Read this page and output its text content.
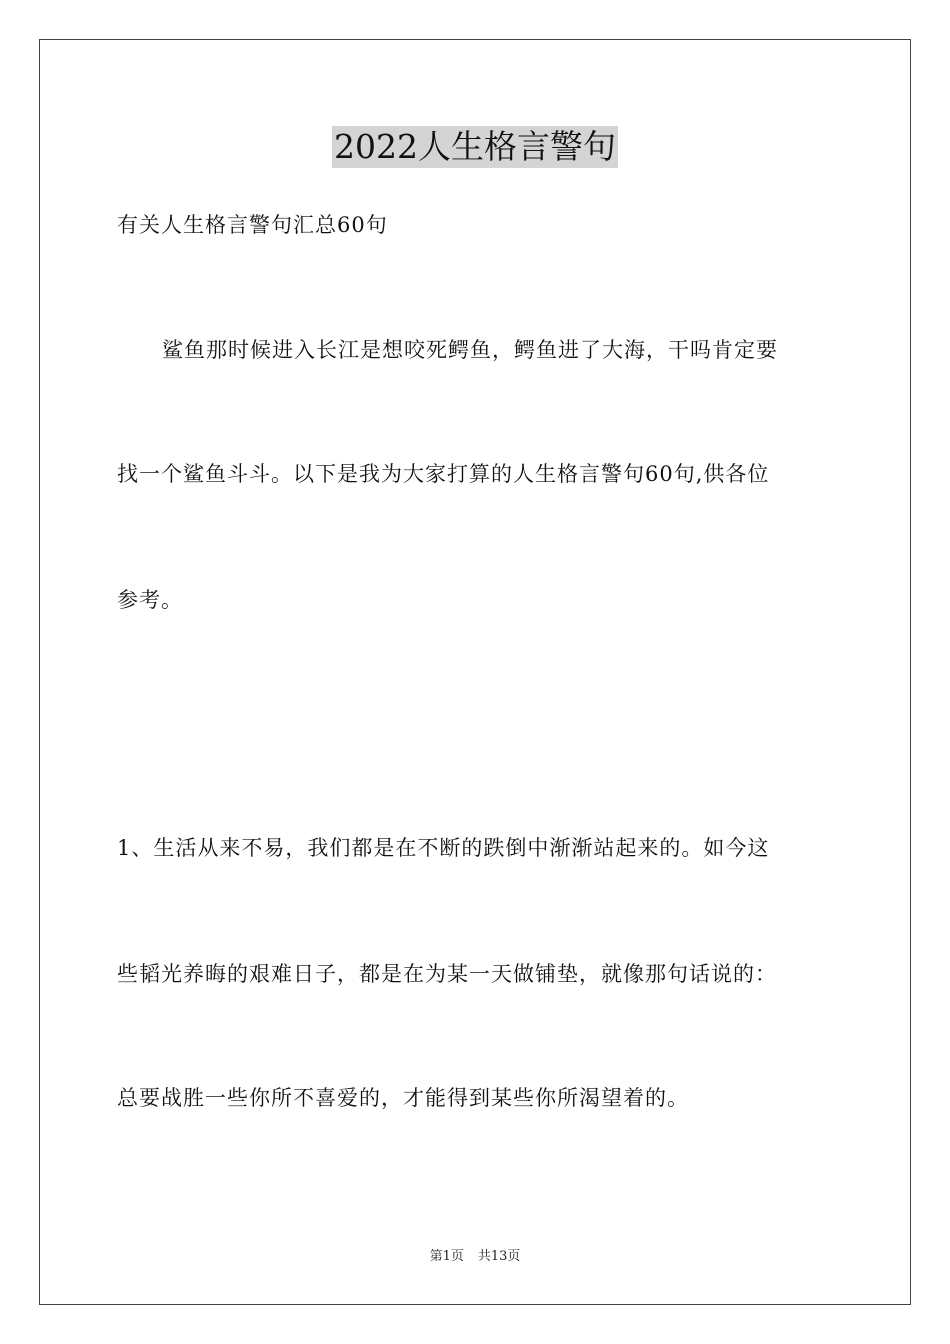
2022人生格言警句
有关人生格言警句汇总60句
鲨鱼那时候进入长江是想咬死鳄鱼，鳄鱼进了大海，干吗肯定要
找一个鲨鱼斗斗。以下是我为大家打算的人生格言警句60句,供各位
参考。
1、生活从来不易，我们都是在不断的跌倒中渐渐站起来的。如今这
些韬光养晦的艰难日子，都是在为某一天做铺垫，就像那句话说的：
总要战胜一些你所不喜爱的，才能得到某些你所渴望着的。
第1页 共13页
